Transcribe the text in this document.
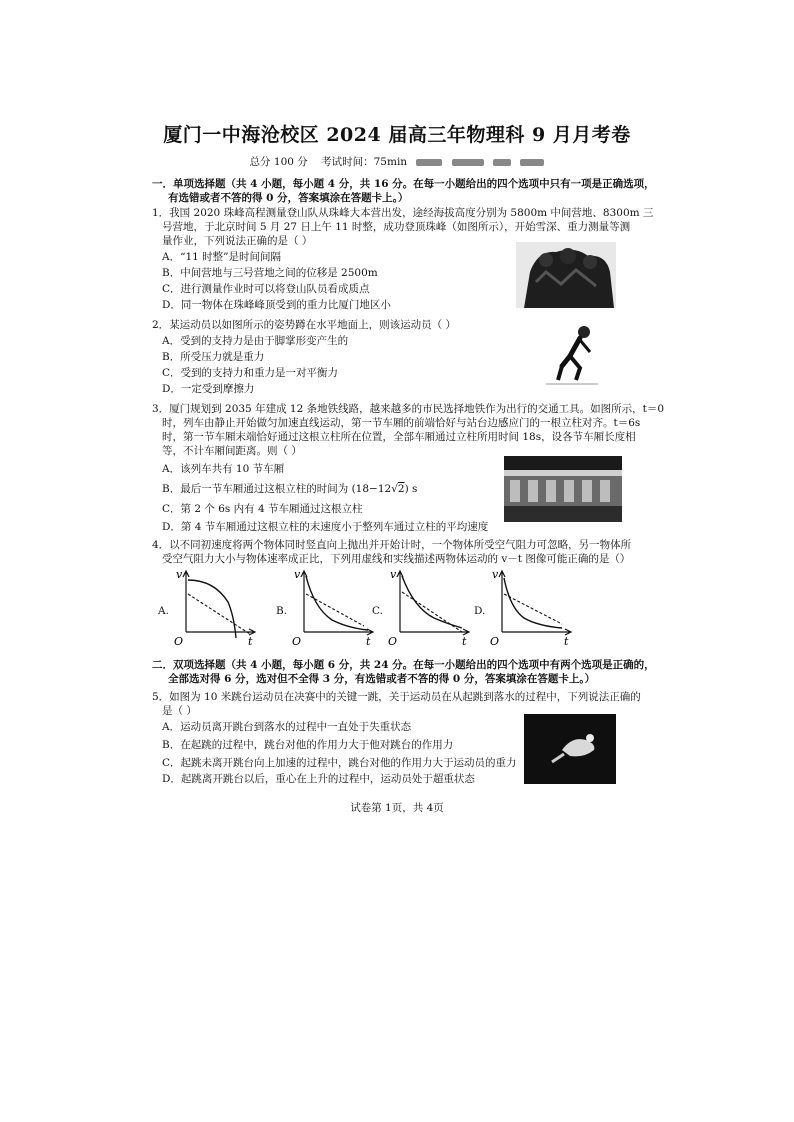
厦门一中海沧校区 2024 届高三年物理科 9 月月考卷
总分 100 分 考试时间：75min
一．单项选择题（共 4 小题，每小题 4 分，共 16 分。在每一小题给出的四个选项中只有一项是正确选项，
有选错或者不答的得 0 分，答案填涂在答题卡上。）
1．我国 2020 珠峰高程测量登山队从珠峰大本营出发，途经海拔高度分别为 5800m 中间营地、8300m 三
号营地，于北京时间 5 月 27 日上午 11 时整，成功登顶珠峰（如图所示），开始雪深、重力测量等测
量作业，下列说法正确的是（ ）
A．“11 时整”是时间间隔
B．中间营地与三号营地之间的位移是 2500m
C．进行测量作业时可以将登山队员看成质点
D．同一物体在珠峰峰顶受到的重力比厦门地区小
2．某运动员以如图所示的姿势蹲在水平地面上，则该运动员（ ）
A．受到的支持力是由于脚掌形变产生的
B．所受压力就是重力
C．受到的支持力和重力是一对平衡力
D．一定受到摩擦力
3．厦门规划到 2035 年建成 12 条地铁线路，越来越多的市民选择地铁作为出行的交通工具。如图所示，t＝0
时，列车由静止开始做匀加速直线运动，第一节车厢的前端恰好与站台边感应门的一根立柱对齐。t＝6s
时，第一节车厢末端恰好通过这根立柱所在位置，全部车厢通过立柱所用时间 18s，设各节车厢长度相
等，不计车厢间距离。则（ ）
A．该列车共有 10 节车厢
B．最后一节车厢通过这根立柱的时间为 (18−12√2) s
C．第 2 个 6s 内有 4 节车厢通过这根立柱
D．第 4 节车厢通过这根立柱的末速度小于整列车通过立柱的平均速度
4．以不同初速度将两个物体同时竖直向上抛出并开始计时，一个物体所受空气阻力可忽略，另一物体所
受空气阻力大小与物体速率成正比，下列用虚线和实线描述两物体运动的 v－t 图像可能正确的是（）
A.
v
t
O
B.
v
t
O
C.
v
t
O
D.
v
t
O
二．双项选择题（共 4 小题，每小题 6 分，共 24 分。在每一小题给出的四个选项中有两个选项是正确的，
全部选对得 6 分，选对但不全得 3 分，有选错或者不答的得 0 分，答案填涂在答题卡上。）
5．如图为 10 米跳台运动员在决赛中的关键一跳，关于运动员在从起跳到落水的过程中，下列说法正确的
是（ ）
A．运动员离开跳台到落水的过程中一直处于失重状态
B．在起跳的过程中，跳台对他的作用力大于他对跳台的作用力
C．起跳未离开跳台向上加速的过程中，跳台对他的作用力大于运动员的重力
D．起跳离开跳台以后，重心在上升的过程中，运动员处于超重状态
试卷第 1页，共 4页
